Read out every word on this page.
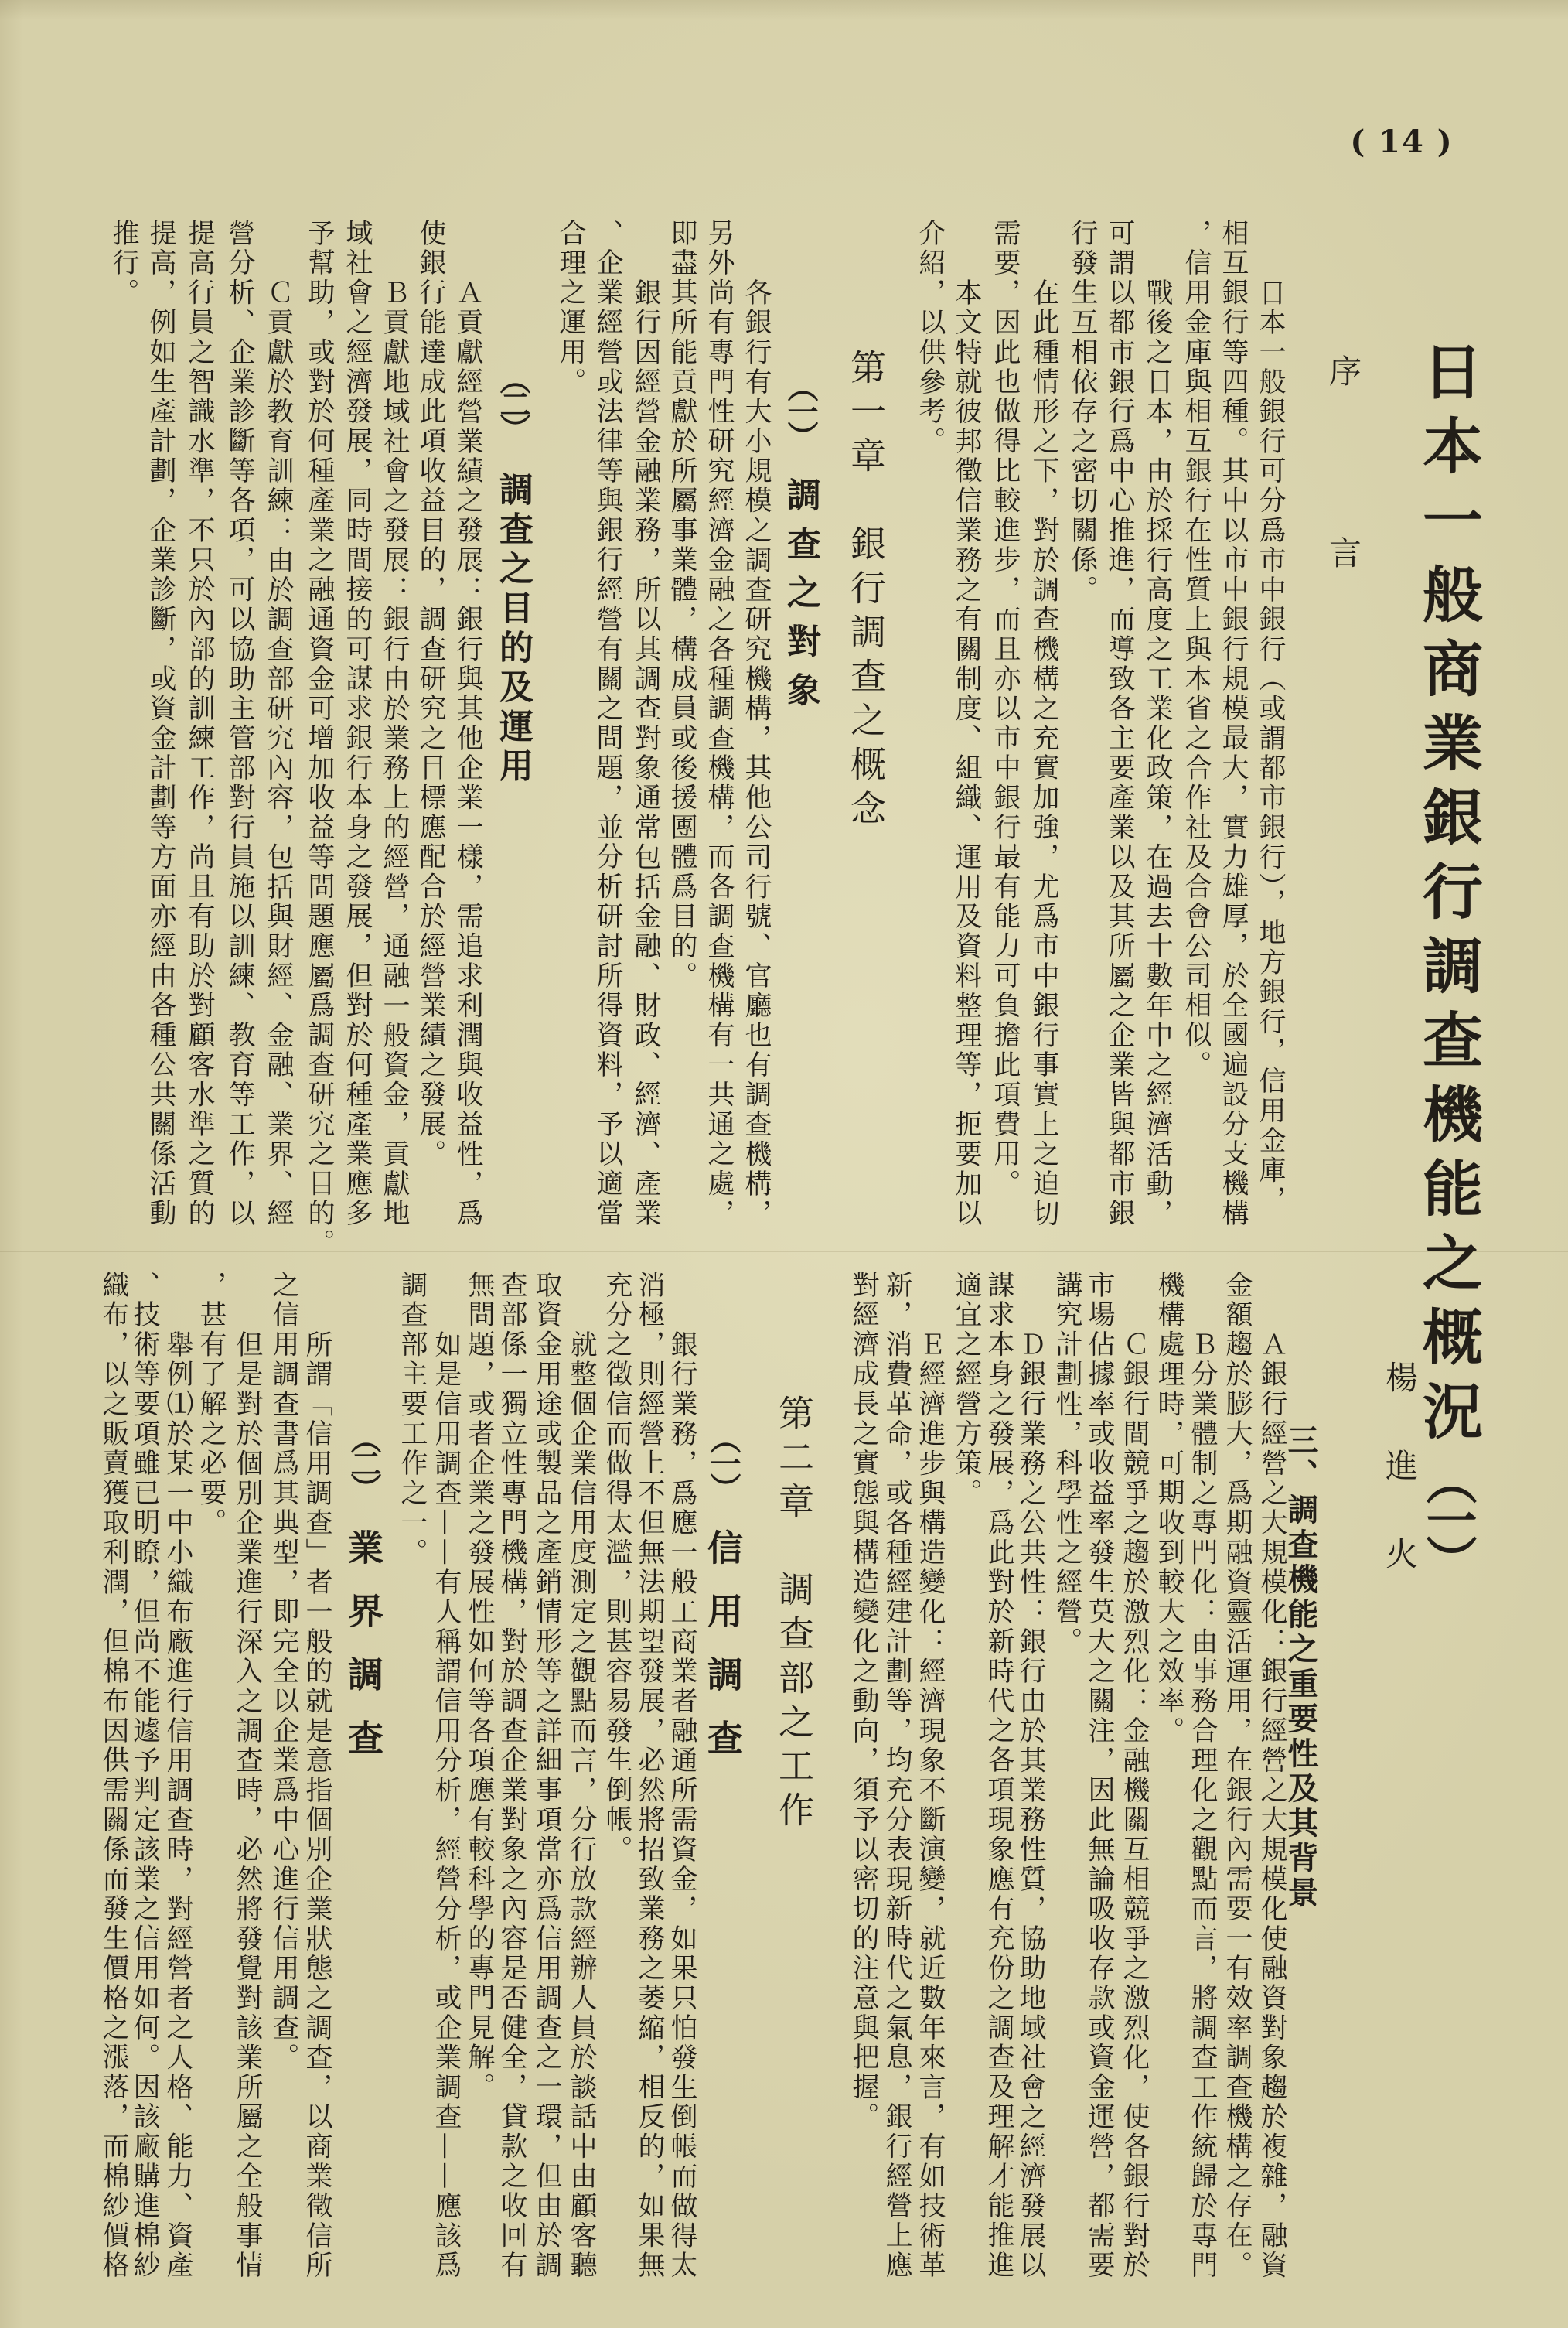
( 14 )
日本一般商業銀行調查機能之概況
（一）
楊進火
序言
日本一般銀行可分爲市中銀行（或謂都市銀行），地方銀行，信用金庫，
相互銀行等四種。其中以市中銀行規模最大，實力雄厚，於全國遍設分支機構
，信用金庫與相互銀行在性質上與本省之合作社及合會公司相似。
戰後之日本，由於採行高度之工業化政策，在過去十數年中之經濟活動，
可謂以都市銀行爲中心推進，而導致各主要產業以及其所屬之企業皆與都市銀
行發生互相依存之密切關係。
在此種情形之下，對於調查機構之充實加強，尤爲市中銀行事實上之迫切
需要，因此也做得比較進步，而且亦以市中銀行最有能力可負擔此項費用。
本文特就彼邦徵信業務之有關制度、組織、運用及資料整理等，扼要加以
介紹，以供參考。
第一章　銀行調查之概念
（一）
調查之對象
各銀行有大小規模之調查研究機構，其他公司行號、官廳也有調查機構，
另外尚有專門性研究經濟金融之各種調查機構，而各調查機構有一共通之處，
即盡其所能貢獻於所屬事業體，構成員或後援團體爲目的。
銀行因經營金融業務，所以其調查對象通常包括金融、財政、經濟、產業
、企業經營或法律等與銀行經營有關之問題，並分析研討所得資料，予以適當
合理之運用。
（二）
調查之目的及運用
Ａ貢獻經營業績之發展：銀行與其他企業一樣，需追求利潤與收益性，爲
使銀行能達成此項收益目的，調查研究之目標應配合於經營業績之發展。
Ｂ貢獻地域社會之發展：銀行由於業務上的經營，通融一般資金，貢獻地
域社會之經濟發展，同時間接的可謀求銀行本身之發展，但對於何種產業應多
予幫助，或對於何種產業之融通資金可增加收益等問題應屬爲調查研究之目的。
Ｃ貢獻於教育訓練：由於調查部研究內容，包括與財經、金融、業界、經
營分析、企業診斷等各項，可以協助主管部對行員施以訓練、教育等工作，以
提高行員之智識水準，不只於內部的訓練工作，尚且有助於對顧客水準之質的
提高，例如生產計劃，企業診斷，或資金計劃等方面亦經由各種公共關係活動
推行。
三、調查機能之重要性及其背景
Ａ銀行經營之大規模化：銀行經營之大規模化使融資對象趨於複雜，融資
金額趨於膨大，爲期融資靈活運用，在銀行內需要一有效率調查機構之存在。
Ｂ分業體制之專門化：由事務合理化之觀點而言，將調查工作統歸於專門
機構處理時，可期收到較大之效率。
Ｃ銀行間競爭之趨於激烈化：金融機關互相競爭之激烈化，使各銀行對於
市場佔據率或收益率發生莫大之關注，因此無論吸收存款或資金運營，都需要
講究計劃性，科學性之經營。
Ｄ銀行業務之公共性：銀行由於其業務性質，協助地域社會之經濟發展以
謀求本身之發展，爲此對於新時代之各項現象應有充份之調查及理解才能推進
適宜之經營方策。
Ｅ經濟進步與構造變化：經濟現象不斷演變，就近數年來言，有如技術革
新，消費革命，或各種經建計劃等，均充分表現新時代之氣息，銀行經營上應
對經濟成長之實態與構造變化之動向，須予以密切的注意與把握。
第二章　調查部之工作
（一）
信用調查
銀行業務，爲應一般工商業者融通所需資金，如果只怕發生倒帳而做得太
消極，則經營上不但無法期望發展，必然將招致業務之萎縮，相反的，如果無
充分之徵信而做得太濫，則甚容易發生倒帳。
就整個企業信用度測定之觀點而言，分行放款經辦人員於談話中由顧客聽
取資金用途或製品之產銷情形等之詳細事項當亦爲信用調查之一環，但由於調
查部係一獨立性專門機構，對於調查企業對象之內容是否健全，貸款之收回有
無問題，或者企業之發展性如何等各項應有較科學的專門見解。
如是信用調查——有人稱謂信用分析，經營分析，或企業調查——應該爲
調查部主要工作之一。
（二）
業界調查
所謂「信用調查」者一般的就是意指個別企業狀態之調查，以商業徵信所
之信用調查書爲其典型，即完全以企業爲中心進行信用調查。
但是對於個別企業進行深入之調查時，必然將發覺對該業所屬之全般事情
，甚有了解之必要。
舉例⑴於某一中小織布廠進行信用調查時，對經營者之人格、能力、資產
、技術等要項雖已明瞭，但尚不能遽予判定該業之信用如何。因該廠購進棉紗
織布，以之販賣獲取利潤，但棉布因供需關係而發生價格之漲落，而棉紗價格
